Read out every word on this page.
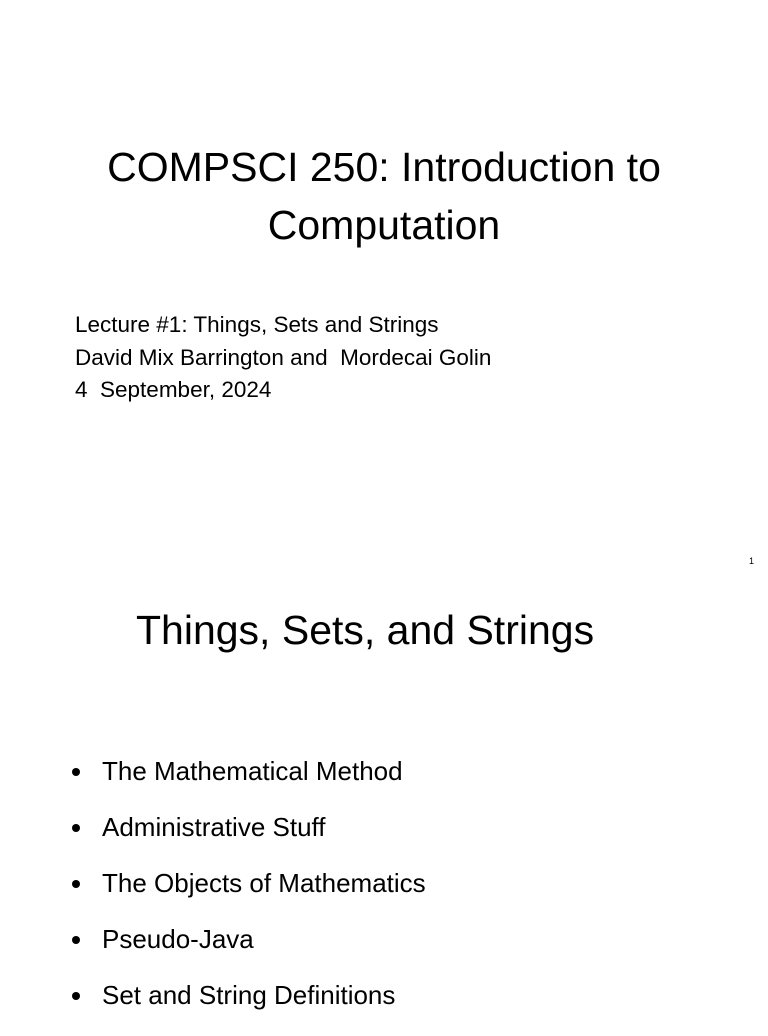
COMPSCI 250: Introduction to Computation
Lecture #1: Things, Sets and Strings
David Mix Barrington and  Mordecai Golin
4  September, 2024
1
Things, Sets, and Strings
The Mathematical Method
Administrative Stuff
The Objects of Mathematics
Pseudo-Java
Set and String Definitions
